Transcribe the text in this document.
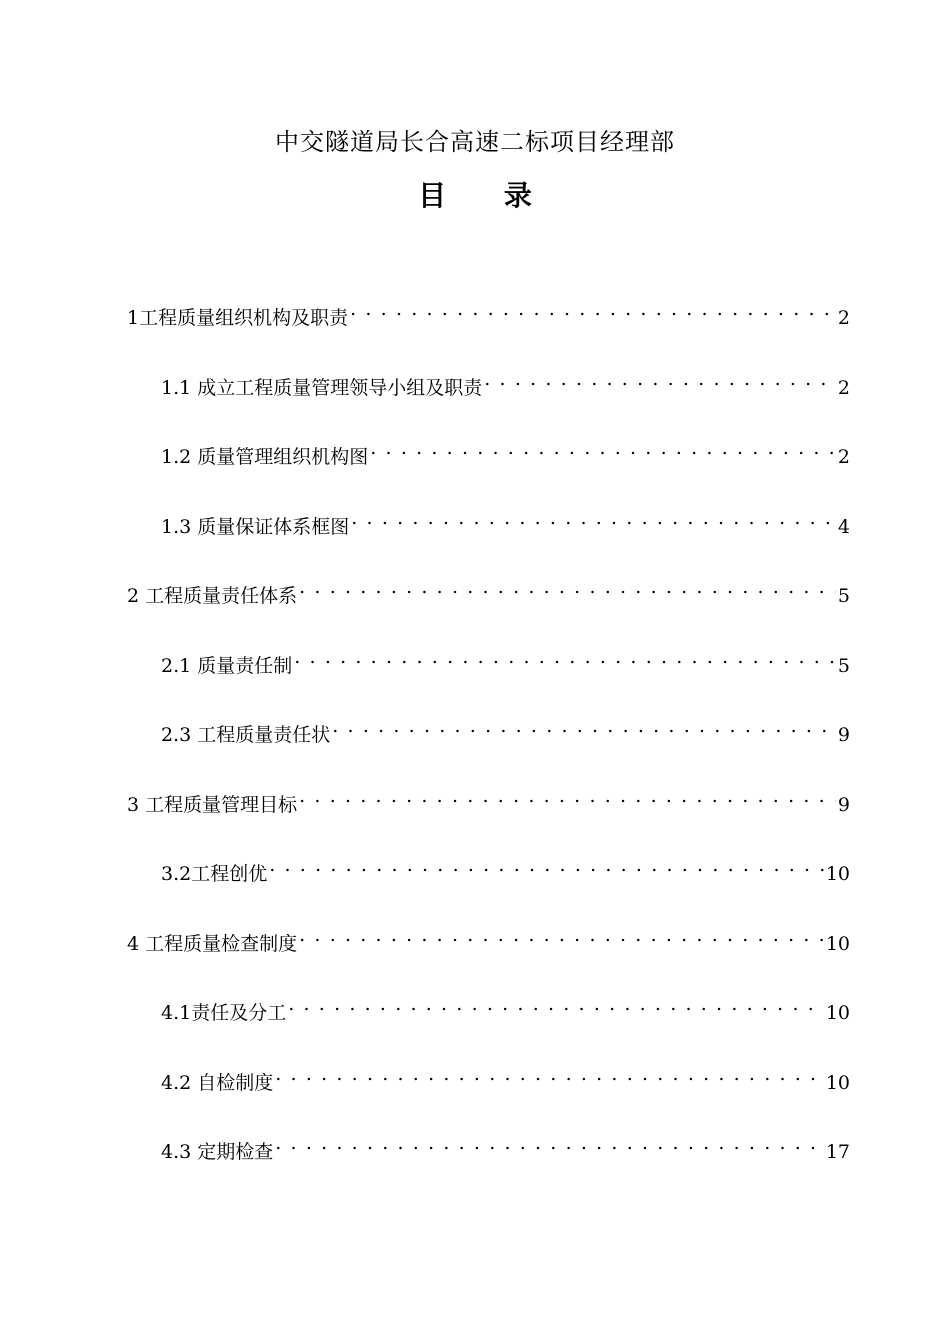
中交隧道局长合高速二标项目经理部
目 录
1工程质量组织机构及职责 . . .	2
1.1 成立工程质量管理领导小组及职责 . . .	2
1.2 质量管理组织机构图 . . .	2
1.3 质量保证体系框图 . . .	4
2 工程质量责任体系 . . .	5
2.1 质量责任制 . . .	5
2.3 工程质量责任状 . . .	9
3 工程质量管理目标 . . .	9
3.2工程创优 . . .	10
4 工程质量检查制度 . . .	10
4.1责任及分工 . . .	10
4.2 自检制度 . . .	10
4.3 定期检查 . . .	17
